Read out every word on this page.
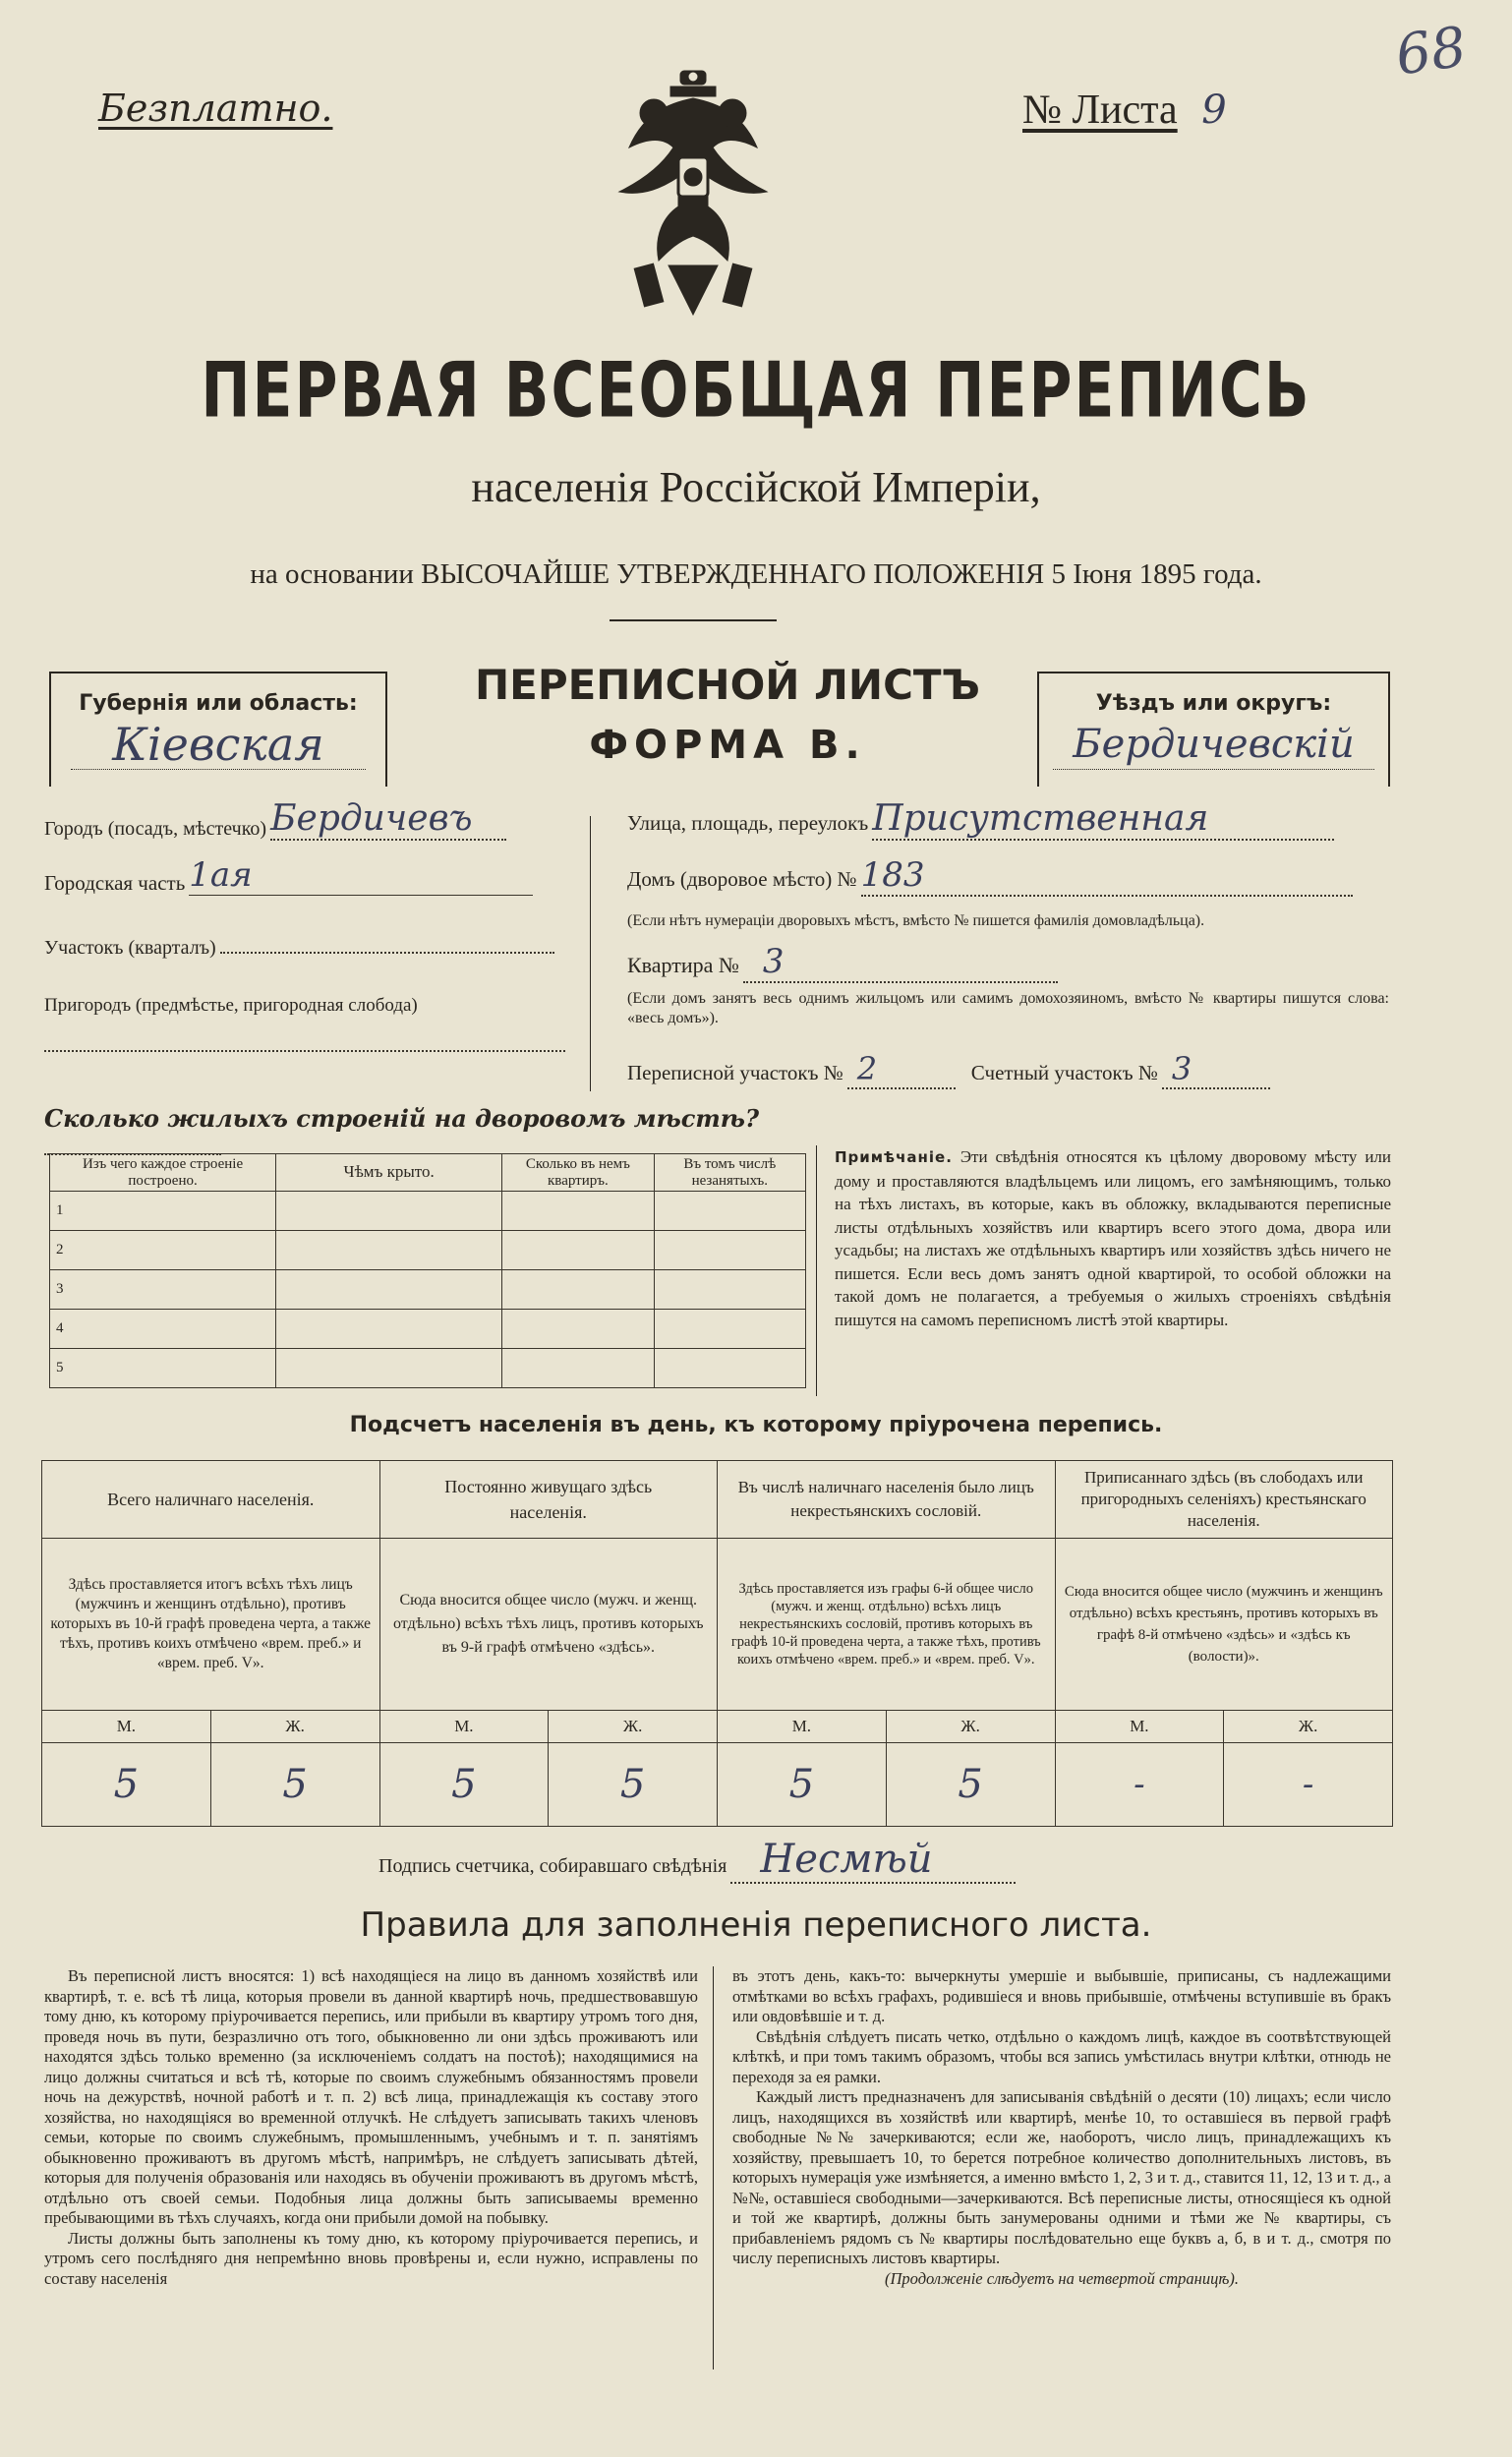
Безплатно.	№ Листа 9
68
ПЕРВАЯ ВСЕОБЩАЯ ПЕРЕПИСЬ
населенія Россійской Имперіи,
на основании ВЫСОЧАЙШЕ УТВЕРЖДЕННАГО ПОЛОЖЕНІЯ 5 Іюня 1895 года.
Губернія или область:
Кіевская
ПЕРЕПИСНОЙ ЛИСТЪ
ФОРМА В.
Уѣздъ или округъ:
Бердичевскій
Городъ (посадъ, мѣстечко) Бердичевъ
Городская часть 1ая
Участокъ (кварталъ)
Пригородъ (предмѣстье, пригородная слобода)
Улица, площадь, переулокъ Присутственная
Домъ (дворовое мѣсто) № 183
(Если нѣтъ нумераціи дворовыхъ мѣстъ, вмѣсто № пишется фамилія домовладѣльца).
Квартира № 3
(Если домъ занятъ весь однимъ жильцомъ или самимъ домохозяиномъ, вмѣсто № квартиры пишутся слова: «весь домъ»).
Переписной участокъ № 2	Счетный участокъ № 3
Сколько жилыхъ строеній на дворовомъ мѣстѣ?
Изъ чего каждое строеніе построено.	Чѣмъ крыто.	Сколько въ немъ квартиръ.	Въ томъ числѣ незанятыхъ.
1			
2			
3			
4			
5			
Примѣчаніе. Эти свѣдѣнія относятся къ цѣлому дворовому мѣсту или дому и проставляются владѣльцемъ или лицомъ, его замѣняющимъ, только на тѣхъ листахъ, въ которые, какъ въ обложку, вкладываются переписные листы отдѣльныхъ хозяйствъ или квартиръ всего этого дома, двора или усадьбы; на листахъ же отдѣльныхъ квартиръ или хозяйствъ здѣсь ничего не пишется. Если весь домъ занятъ одной квартирой, то особой обложки на такой домъ не полагается, а требуемыя о жилыхъ строеніяхъ свѣдѣнія пишутся на самомъ переписномъ листѣ этой квартиры.
Подсчетъ населенія въ день, къ которому пріурочена перепись.
Всего наличнаго населенія.		Постоянно живущаго здѣсь населенія.		Въ числѣ наличнаго населенія было лицъ некрестьянскихъ сословій.		Приписаннаго здѣсь (въ слободахъ или пригородныхъ селеніяхъ) крестьянскаго населенія.	
Здѣсь проставляется итогъ всѣхъ тѣхъ лицъ (мужчинъ и женщинъ отдѣльно), противъ которыхъ въ 10-й графѣ проведена черта, а также тѣхъ, противъ коихъ отмѣчено «врем. преб.» и «врем. преб. V».		Сюда вносится общее число (мужч. и женщ. отдѣльно) всѣхъ тѣхъ лицъ, противъ которыхъ въ 9-й графѣ отмѣчено «здѣсь».		Здѣсь проставляется изъ графы 6-й общее число (мужч. и женщ. отдѣльно) всѣхъ лицъ некрестьянскихъ сословій, противъ которыхъ въ графѣ 10-й проведена черта, а также тѣхъ, противъ коихъ отмѣчено «врем. преб.» и «врем. преб. V».		Сюда вносится общее число (мужчинъ и женщинъ отдѣльно) всѣхъ крестьянъ, противъ которыхъ въ графѣ 8-й отмѣчено «здѣсь» и «здѣсь къ (волости)».	
М.	Ж.	М.	Ж.	М.	Ж.	М.	Ж.
5	5	5	5	5	5	-	-
Подпись счетчика, собиравшаго свѣдѣнія Несмѣй
Правила для заполненія переписного листа.
Въ переписной листъ вносятся: 1) всѣ находящіеся на лицо въ данномъ хозяйствѣ или квартирѣ, т. е. всѣ тѣ лица, которыя провели въ данной квартирѣ ночь, предшествовавшую тому дню, къ которому пріурочивается перепись, или прибыли въ квартиру утромъ того дня, проведя ночь въ пути, безразлично отъ того, обыкновенно ли они здѣсь проживаютъ или находятся здѣсь только временно (за исключеніемъ солдатъ на постоѣ); находящимися на лицо должны считаться и всѣ тѣ, которые по своимъ служебнымъ обязанностямъ провели ночь на дежурствѣ, ночной работѣ и т. п. 2) всѣ лица, принадлежащія къ составу этого хозяйства, но находящіяся во временной отлучкѣ. Не слѣдуетъ записывать такихъ членовъ семьи, которые по своимъ служебнымъ, промышленнымъ, учебнымъ и т. п. занятіямъ обыкновенно проживаютъ въ другомъ мѣстѣ, напримѣръ, не слѣдуетъ записывать дѣтей, которыя для полученія образованія или находясь въ обученіи проживаютъ въ другомъ мѣстѣ, отдѣльно отъ своей семьи. Подобныя лица должны быть записываемы временно пребывающими въ тѣхъ случаяхъ, когда они прибыли домой на побывку.
Листы должны быть заполнены къ тому дню, къ которому пріурочивается перепись, и утромъ сего послѣдняго дня непремѣнно вновь провѣрены и, если нужно, исправлены по составу населенія
въ этотъ день, какъ-то: вычеркнуты умершіе и выбывшіе, приписаны, съ надлежащими отмѣтками во всѣхъ графахъ, родившіеся и вновь прибывшіе, отмѣчены вступившіе въ бракъ или овдовѣвшіе и т. д.
Свѣдѣнія слѣдуетъ писать четко, отдѣльно о каждомъ лицѣ, каждое въ соотвѣтствующей клѣткѣ, и при томъ такимъ образомъ, чтобы вся запись умѣстилась внутри клѣтки, отнюдь не переходя за ея рамки.
Каждый листъ предназначенъ для записыванія свѣдѣній о десяти (10) лицахъ; если число лицъ, находящихся въ хозяйствѣ или квартирѣ, менѣе 10, то оставшіеся въ первой графѣ свободные №№ зачеркиваются; если же, наоборотъ, число лицъ, принадлежащихъ къ хозяйству, превышаетъ 10, то берется потребное количество дополнительныхъ листовъ, въ которыхъ нумерація уже измѣняется, а именно вмѣсто 1, 2, 3 и т. д., ставится 11, 12, 13 и т. д., а №№, оставшіеся свободными—зачеркиваются. Всѣ переписные листы, относящіеся къ одной и той же квартирѣ, должны быть занумерованы одними и тѣми же № квартиры, съ прибавленіемъ рядомъ съ № квартиры послѣдовательно еще буквъ а, б, в и т. д., смотря по числу переписныхъ листовъ квартиры.
(Продолженіе слѣдуетъ на четвертой страницѣ).
